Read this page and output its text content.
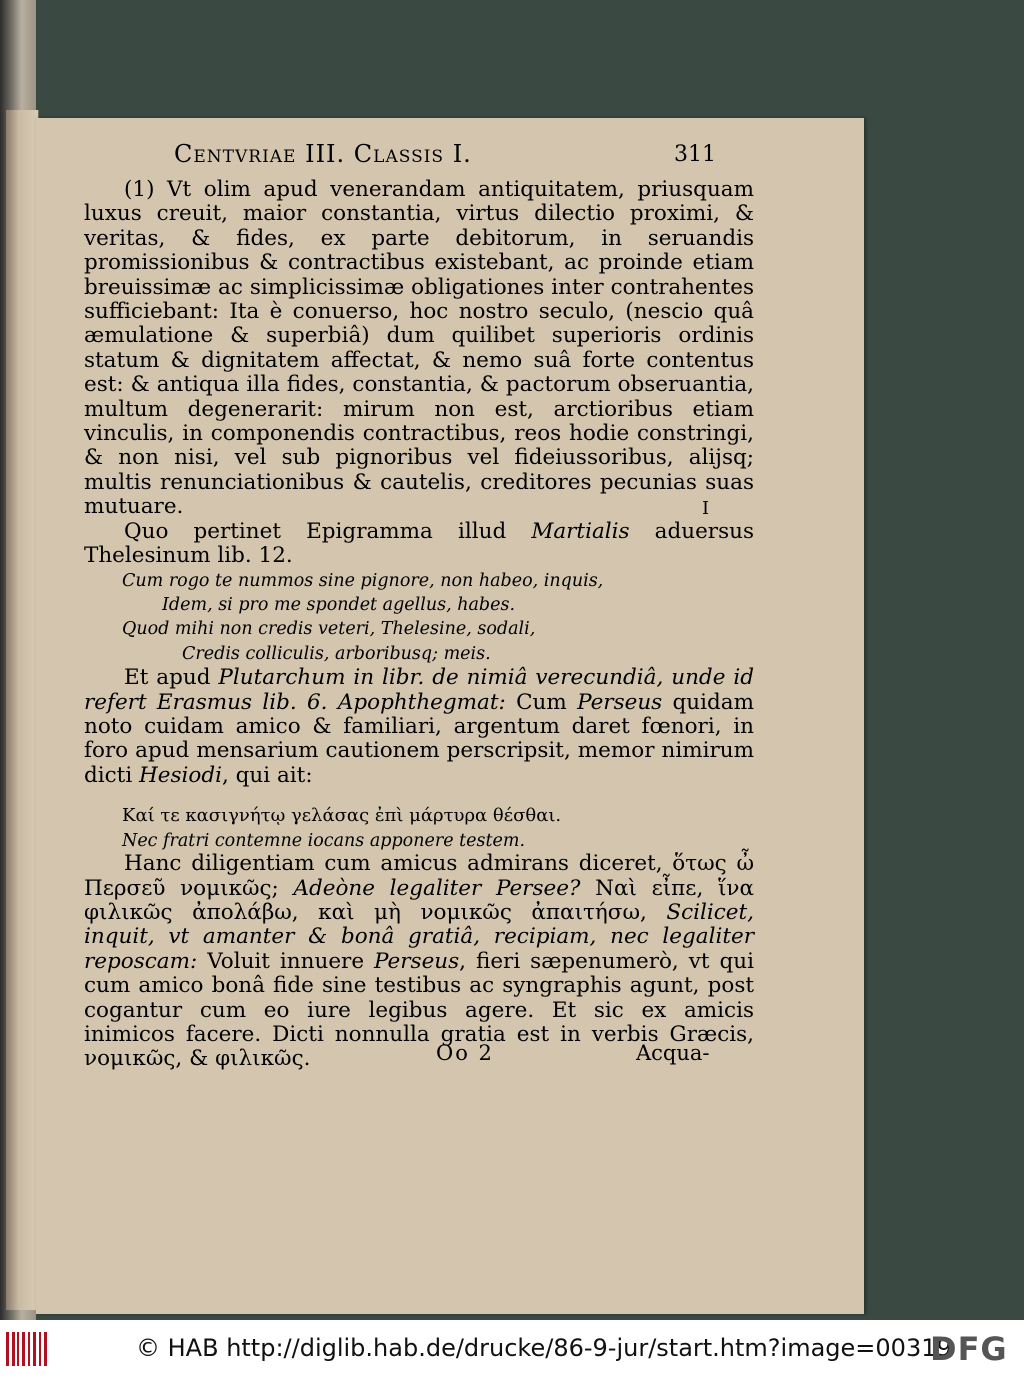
Centvriae III. Classis I.	311

(1) Vt olim apud venerandam antiquitatem, priusquam luxus creuit, maior constantia, virtus dilectio proximi, & veritas, & fides, ex parte debitorum, in seruandis promissionibus & contractibus existebant, ac proinde etiam breuissimæ ac simplicissimæ obligationes inter contrahentes sufficiebant: Ita è conuerso, hoc nostro seculo, (nescio quâ æmulatione & superbiâ) dum quilibet superioris ordinis statum & dignitatem affectat, & nemo suâ forte contentus est: & antiqua illa fides, constantia, & pactorum obseruantia, multum degenerarit: mirum non est, arctioribus etiam vinculis, in componendis contractibus, reos hodie constringi, & non nisi, vel sub pignoribus vel fideiussoribus, alijsq; multis renunciationibus & cautelis, creditores pecunias suas mutuare.

Quo pertinet Epigramma illud Martialis aduersus Thelesinum lib. 12.

Cum rogo te nummos sine pignore, non habeo, inquis,
Idem, si pro me spondet agellus, habes.
Quod mihi non credis veteri, Thelesine, sodali,
Credis colliculis, arboribusq; meis.

Et apud Plutarchum in libr. de nimiâ verecundiâ, unde id refert Erasmus lib. 6. Apophthegmat: Cum Perseus quidam noto cuidam amico & familiari, argentum daret fœnori, in foro apud mensarium cautionem perscripsit, memor nimirum dicti Hesiodi, qui ait:

Καί τε κασιγνήτῳ γελάσας ἐπὶ μάρτυρα θέσθαι.
Nec fratri contemne iocans apponere testem.

Hanc diligentiam cum amicus admirans diceret, ὅτως ὦ Περσεῦ νομικῶς; Adeòne legaliter Persee? Ναὶ εἶπε, ἵνα φιλικῶς ἀπολάβω, καὶ μὴ νομικῶς ἀπαιτήσω, Scilicet, inquit, vt amanter & bonâ gratiâ, recipiam, nec legaliter reposcam: Voluit innuere Perseus, fieri sæpenumerò, vt qui cum amico bonâ fide sine testibus ac syngraphis agunt, post cogantur cum eo iure legibus agere. Et sic ex amicis inimicos facere. Dicti nonnulla gratia est in verbis Græcis, νομικῶς, & φιλικῶς.

I
Oo 2	Acqua-
© HAB http://diglib.hab.de/drucke/86-9-jur/start.htm?image=00319
DFG
